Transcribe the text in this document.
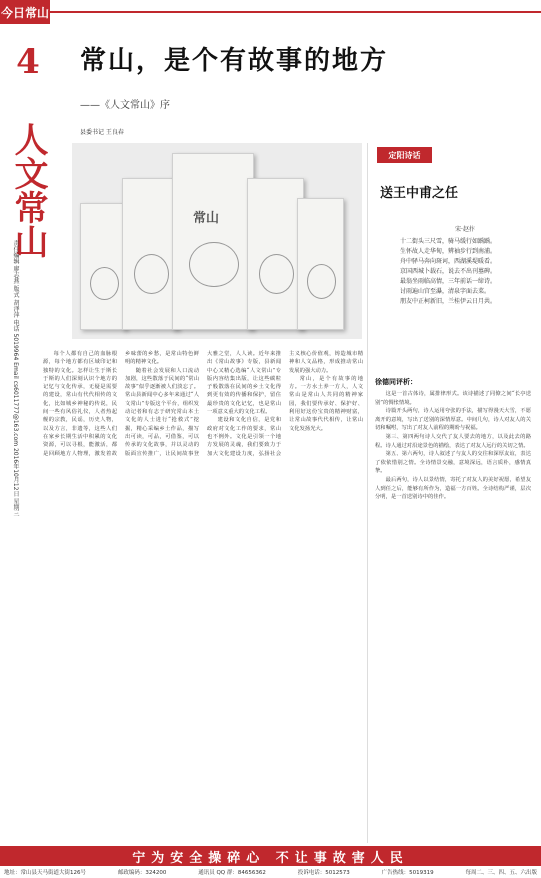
今日常山
4 人文常山
责任编辑 廖志燕 版式 胡泽萍 电话 5019964 Email cs6011777@163.com 2016年10月12日 星期三
常山，是个有故事的地方
——《人文常山》序
县委书记 王良春
常山
定阳诗话
送王中甫之任
宋·赵抃
十二街头三尺雪，骑马缓行如踽踽。
生怀故人走华甸，辨袖步行到南浦。
舟中驿马奔向斑诃，西湖溪堤暖看。
京国西城卜载石，说去不出刊墓碑。
最翁坐雨临高情，三年前话一缔诗。
讨雨遍山宫至瀑，清泉字面去菜。
朋友中正柯新旧，兰桂伊云日月共。
徐德同评析：

这是一首古体诗，属排律形式。该诗描述了同僚之间“长亭送别”的惆怅情境。

诗篇开头两句，诗人运用夸张的手法，描写得漫天大雪，不愿离开的意境，写出了送别的深情厚意。中间几句，诗人对友人的关切和嘱咐，写出了对友人前程的期盼与祝福。

第三、第四两句诗人交代了友人要去的地方，以及此去的路程。诗人通过对沿途景色的描绘，表达了对友人远行的关切之情。

第五、第六两句，诗人叙述了与友人的交往和深厚友谊，表达了依依惜别之情。全诗情景交融，意境深远，语言质朴，感情真挚。

最后两句，诗人以景结情，寄托了对友人的美好祝愿，希望友人到任之后，能够有所作为，造福一方百姓。全诗结构严谨，层次分明，是一首送别诗中的佳作。

每个人都有自己的血脉根源，每个地方都有区域印记和独特的文化。怎样让生于斯长于斯的人们深刻认识个地方的记忆与文化传承，无疑是需要的建设，常山有代代相传的文化，比如城乡神秘的传说，民间一些有风俗礼仪，人者热起舰的宗教，民谣，历史人物，以及方言，非遗等，这些人们在家乡长期生活中积累的文化资源，可以寻根，能激活，都是回顾地方人物理，激发着故乡味蕾的乡愁，是常山特色鲜明的精神文化。

随着社会发展和人口流动加剧，这些散落于民间的“常山故事”似乎逐渐被人们淡忘了。常山县新闻中心多年来通过“人文常山”专版这个平台，组织发动记者和有志于研究常山本土文化的人士进行“抢救式”挖掘，精心采编乡土作品，描写出可读，可品，可借鉴，可以传承的文化故事，并以灵动的版面宣传推广，让民间故事登大雅之堂，人人读。近年来推出《常山故事》专版，县新闻中心又精心选编“人文常山”专版内容结集出版，让这些碳粒子般散落在民间的乡土文化得到更有效的传播和保护，留住最珍贵的文化记忆，也是常山一项意义重大的文化工程。

建设和文化自信，是党和政府对文化工作的要求，常山也不例外。文化是引领一个地方发展的灵魂，我们要致力于加大文化建设力度，弘扬社会主义核心价值观，铸造城市精神和人文品格，形成推动常山发展的强大动力。

常山，是个有故事的地方。一方水土养一方人，人文常山是常山人共同的精神家园，我们要传承好、保护好、利用好这份宝贵的精神财富，让常山故事代代相传，让常山文化发扬光大。

宁为安全操碎心 不让事故害人民
地址：常山县天马街道大街126号	邮政编码：324200	通讯员 QQ 群：84656362	投诉电话：5012573	广告热线：5019319	每周二、三、四、五、六出版
